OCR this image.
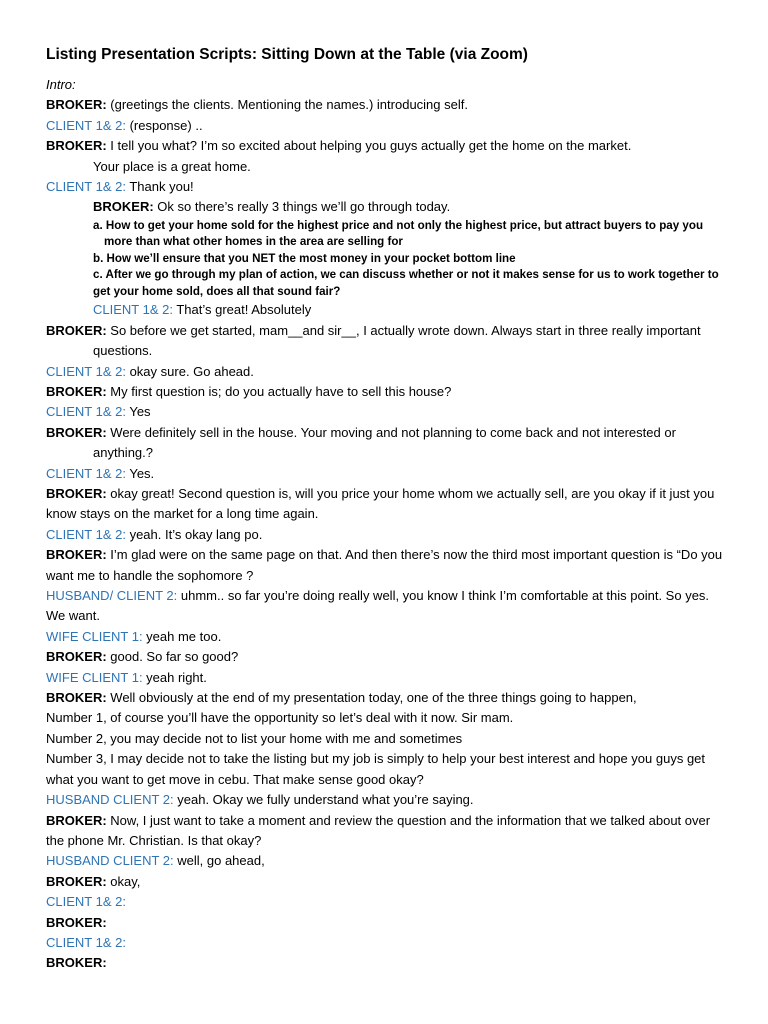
Listing Presentation Scripts: Sitting Down at the Table (via Zoom)
Intro:
BROKER: (greetings the clients. Mentioning the names.) introducing self.
CLIENT 1& 2: (response) ..
BROKER: I tell you what? I’m so excited about helping you guys actually get the home on the market.
Your place is a great home.
CLIENT 1& 2: Thank you!
BROKER: Ok so there’s really 3 things we’ll go through today.
a. How to get your home sold for the highest price and not only the highest price, but attract buyers to pay you more than what other homes in the area are selling for
b. How we’ll ensure that you NET the most money in your pocket bottom line
c. After we go through my plan of action, we can discuss whether or not it makes sense for us to work together to get your home sold, does all that sound fair?
CLIENT 1& 2: That’s great! Absolutely
BROKER: So before we get started, mam__and sir__, I actually wrote down. Always start in three really important questions.
CLIENT 1& 2: okay sure. Go ahead.
BROKER: My first question is; do you actually have to sell this house?
CLIENT 1& 2: Yes
BROKER: Were definitely sell in the house. Your moving and not planning to come back and not interested or anything.?
CLIENT 1& 2: Yes.
BROKER: okay great! Second question is, will you price your home whom we actually sell, are you okay if it just you know stays on the market for a long time again.
CLIENT 1& 2: yeah. It’s okay lang po.
BROKER: I’m glad were on the same page on that. And then there’s now the third most important question is “Do you want me to handle the sophomore ?
HUSBAND/ CLIENT 2: uhmm.. so far you’re doing really well, you know I think I’m comfortable at this point. So yes. We want.
WIFE CLIENT 1: yeah me too.
BROKER: good. So far so good?
WIFE CLIENT 1: yeah right.
BROKER: Well obviously at the end of my presentation today, one of the three things going to happen,
Number 1, of course you’ll have the opportunity so let’s deal with it now. Sir mam.
Number 2, you may decide not to list your home with me and sometimes
Number 3, I may decide not to take the listing but my job is simply to help your best interest and hope you guys get what you want to get move in cebu. That make sense good okay?
HUSBAND CLIENT 2: yeah. Okay we fully understand what you’re saying.
BROKER: Now, I just want to take a moment and review the question and the information that we talked about over the phone Mr. Christian. Is that okay?
HUSBAND CLIENT 2: well, go ahead,
BROKER: okay,
CLIENT 1& 2:
BROKER:
CLIENT 1& 2:
BROKER:
